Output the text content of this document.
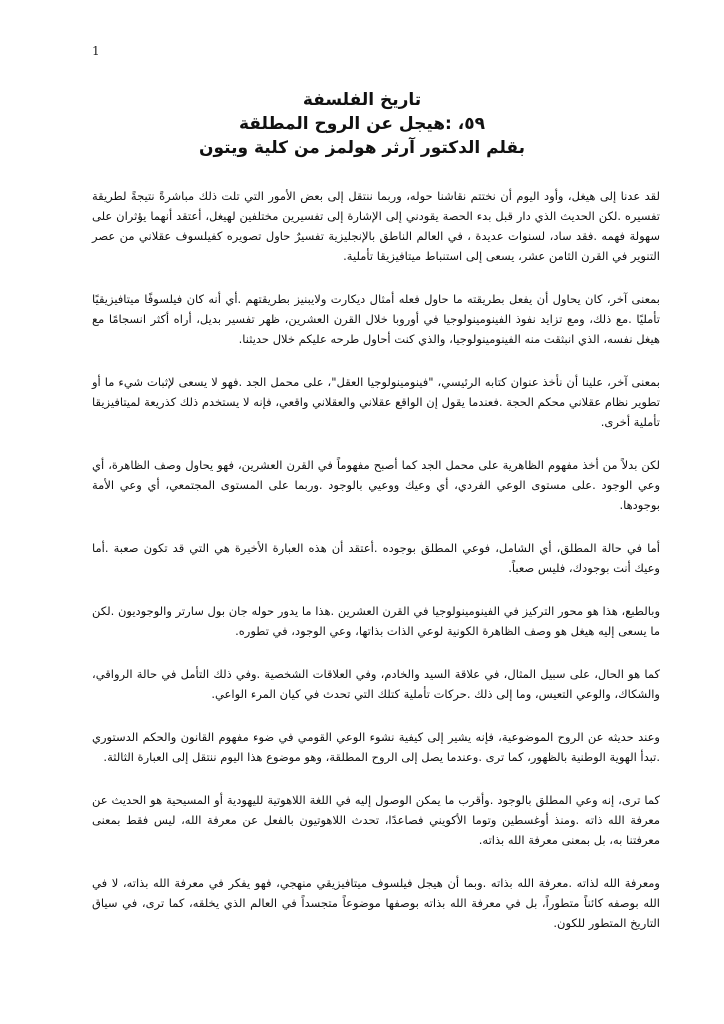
1

تاريخ الفلسفة

٥٩، :هيجل عن الروح المطلقة

بقلم الدكتور آرثر هولمز من كلية ويتون

لقد عدنا إلى هيغل، وأود اليوم أن نختتم نقاشنا حوله، وربما ننتقل إلى بعض الأمور التي تلت ذلك مباشرةً نتيجةً لطريقة تفسيره .لكن الحديث الذي دار قبل بدء الحصة يقودني إلى الإشارة إلى تفسيرين مختلفين لهيغل، أعتقد أنهما يؤثران على سهولة فهمه .فقد ساد، لسنوات عديدة ، في العالم الناطق بالإنجليزية تفسيرٌ حاول تصويره كفيلسوف عقلاني من عصر التنوير في القرن الثامن عشر، يسعى إلى استنباط ميتافيزيقا تأملية.

بمعنى آخر، كان يحاول أن يفعل بطريقته ما حاول فعله أمثال ديكارت ولايبنيز بطريقتهم .أي أنه كان فيلسوفًا ميتافيزيقيًا تأمليًا .مع ذلك، ومع تزايد نفوذ الفينومينولوجيا في أوروبا خلال القرن العشرين، ظهر تفسير بديل، أراه أكثر انسجامًا مع هيغل نفسه، الذي انبثقت منه الفينومينولوجيا، والذي كنت أحاول طرحه عليكم خلال حديثنا.

بمعنى آخر، علينا أن نأخذ عنوان كتابه الرئيسي، "فينومينولوجيا العقل"، على محمل الجد .فهو لا يسعى لإثبات شيء ما أو تطوير نظام عقلاني محكم الحجة .فعندما يقول إن الواقع عقلاني والعقلاني واقعي، فإنه لا يستخدم ذلك كذريعة لميتافيزيقا تأملية أخرى.

لكن بدلاً من أخذ مفهوم الظاهرية على محمل الجد كما أصبح مفهوماً في القرن العشرين، فهو يحاول وصف الظاهرة، أي وعي الوجود .على مستوى الوعي الفردي، أي وعيك ووعيي بالوجود .وربما على المستوى المجتمعي، أي وعي الأمة بوجودها.

أما في حالة المطلق، أي الشامل، فوعي المطلق بوجوده .أعتقد أن هذه العبارة الأخيرة هي التي قد تكون صعبة .أما وعيك أنت بوجودك، فليس صعباً.

وبالطبع، هذا هو محور التركيز في الفينومينولوجيا في القرن العشرين .هذا ما يدور حوله جان بول سارتر والوجوديون .لكن ما يسعى إليه هيغل هو وصف الظاهرة الكونية لوعي الذات بذاتها، وعي الوجود، في تطوره.

كما هو الحال، على سبيل المثال، في علاقة السيد والخادم، وفي العلاقات الشخصية .وفي ذلك التأمل في حالة الرواقي، والشكاك، والوعي التعيس، وما إلى ذلك .حركات تأملية كتلك التي تحدث في كيان المرء الواعي.

وعند حديثه عن الروح الموضوعية، فإنه يشير إلى كيفية نشوء الوعي القومي في ضوء مفهوم القانون والحكم الدستوري .تبدأ الهوية الوطنية بالظهور، كما ترى .وعندما يصل إلى الروح المطلقة، وهو موضوع هذا اليوم ننتقل إلى العبارة الثالثة.

كما ترى، إنه وعي المطلق بالوجود .وأقرب ما يمكن الوصول إليه في اللغة اللاهوتية لليهودية أو المسيحية هو الحديث عن معرفة الله ذاته .ومنذ أوغسطين وتوما الأكويني فصاعدًا، تحدث اللاهوتيون بالفعل عن معرفة الله، ليس فقط بمعنى معرفتنا به، بل بمعنى معرفة الله بذاته.

ومعرفة الله لذاته .معرفة الله بذاته .وبما أن هيجل فيلسوف ميتافيزيقي منهجي، فهو يفكر في معرفة الله بذاته، لا في الله بوصفه كائناً متطوراً، بل في معرفة الله بذاته بوصفها موضوعاً متجسداً في العالم الذي يخلقه، كما ترى، في سياق التاريخ المتطور للكون.
